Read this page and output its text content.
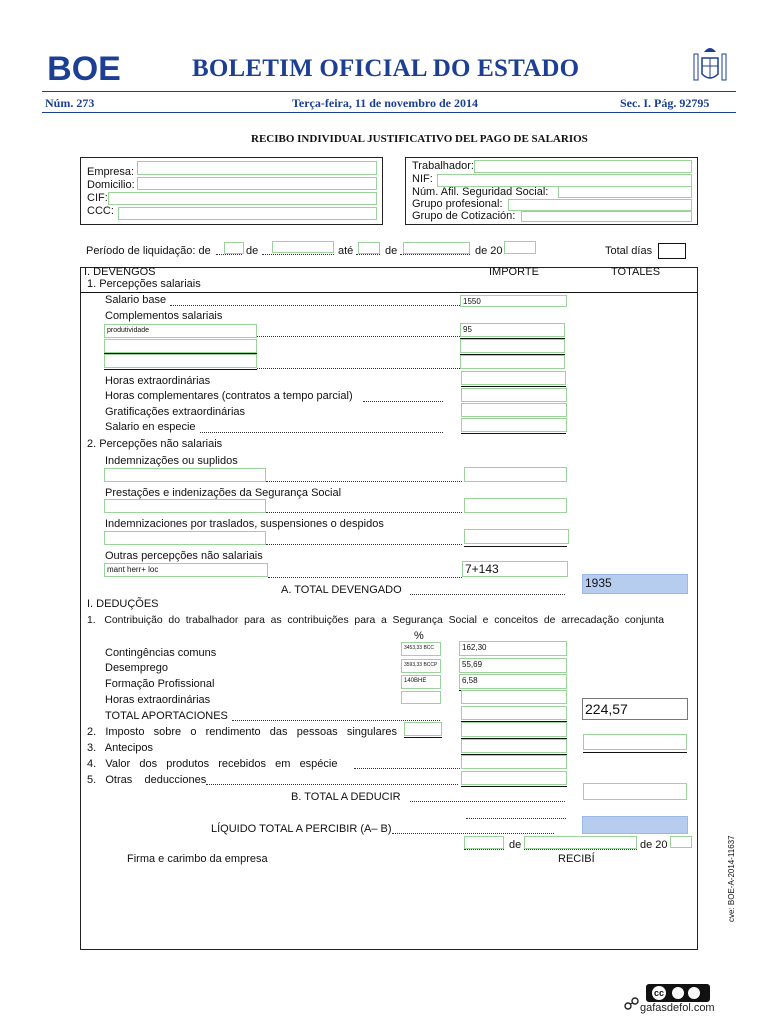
BOE	BOLETIM OFICIAL DO ESTADO
Núm. 273	Terça-feira, 11 de novembro de 2014	Sec. I. Pág. 92795
RECIBO INDIVIDUAL JUSTIFICATIVO DEL PAGO DE SALARIOS
Empresa:
Domicilio:
CIF:
CCC:
Trabalhador:
NIF:
Núm. Afil. Seguridad Social:
Grupo profesional:
Grupo de Cotización:
Período de liquidação: de	de	até	de	de 20	Total días
I. DEVENGOS	IMPORTE	TOTALES
1. Percepções salariais
Salario base	1550
Complementos salariais
produtividade	95
Horas extraordinárias
Horas complementares (contratos a tempo parcial)
Gratificações extraordinárias
Salario en especie
2. Percepções não salariais
Indemnizações ou suplidos
Prestações e indenizações da Segurança Social
Indemnizaciones por traslados, suspensiones o despidos
Outras percepções não salariais
mant herr+ loc	7+143
A. TOTAL DEVENGADO	1935
I. DEDUÇÕES
1.   Contribuição  do  trabalhador  para  as  contribuições  para  a  Segurança  Social  e  conceitos  de  arrecadação  conjunta
%
Contingências comuns	3453,33 BCC	162,30
Desemprego	3593,33 BCCP	55,69
Formação Profissional	140BHE	6,58
Horas extraordinárias
TOTAL APORTACIONES	224,57
2.   Imposto   sobre   o   rendimento   das   pessoas   singulares
3.   Antecipos
4.   Valor   dos   produtos   recebidos   em   espécie
5.   Otras    deducciones
B. TOTAL A DEDUCIR
LÍQUIDO TOTAL A PERCIBIR (A– B)
de	de 20
Firma e carimbo da empresa	RECIBÍ	cve: BOE-A-2014-11637
cc
gafasdefol.com
